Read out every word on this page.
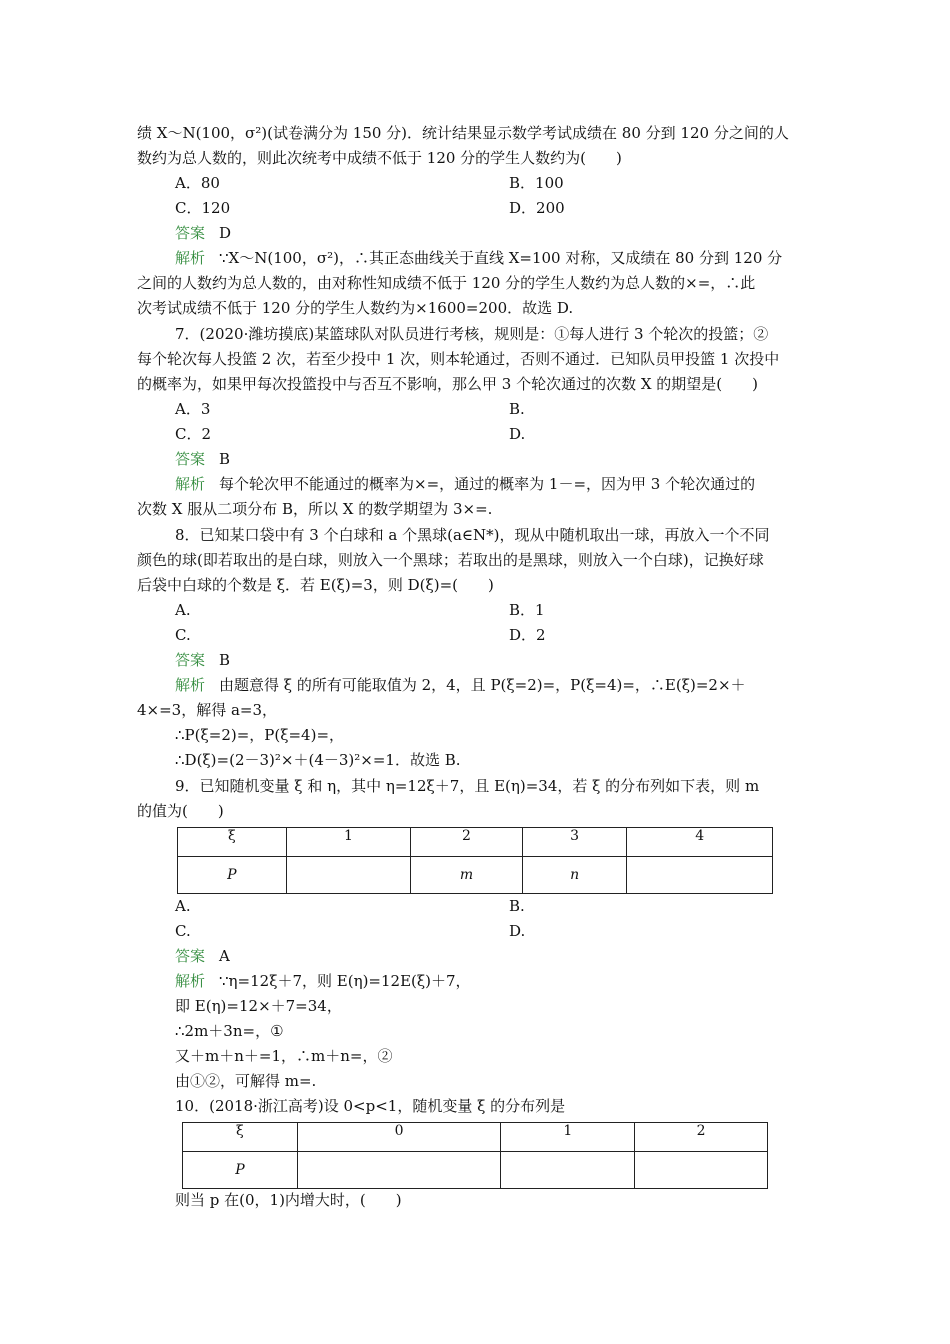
绩 X～N(100，σ²)(试卷满分为 150 分)．统计结果显示数学考试成绩在 80 分到 120 分之间的人
数约为总人数的，则此次统考中成绩不低于 120 分的学生人数约为(　　)
A．80	B．100
C．120	D．200
答案 D
解析 ∵X～N(100，σ²)，∴其正态曲线关于直线 X=100 对称，又成绩在 80 分到 120 分
之间的人数约为总人数的，由对称性知成绩不低于 120 分的学生人数约为总人数的×=，∴此
次考试成绩不低于 120 分的学生人数约为×1600=200．故选 D.
7．(2020·潍坊摸底)某篮球队对队员进行考核，规则是：①每人进行 3 个轮次的投篮；②
每个轮次每人投篮 2 次，若至少投中 1 次，则本轮通过，否则不通过．已知队员甲投篮 1 次投中
的概率为，如果甲每次投篮投中与否互不影响，那么甲 3 个轮次通过的次数 X 的期望是(　　)
A．3	B.
C．2	D.
答案 B
解析 每个轮次甲不能通过的概率为×=，通过的概率为 1－=，因为甲 3 个轮次通过的
次数 X 服从二项分布 B，所以 X 的数学期望为 3×=.
8．已知某口袋中有 3 个白球和 a 个黑球(a∈N*)，现从中随机取出一球，再放入一个不同
颜色的球(即若取出的是白球，则放入一个黑球；若取出的是黑球，则放入一个白球)，记换好球
后袋中白球的个数是 ξ．若 E(ξ)=3，则 D(ξ)=(　　)
A.	B．1
C.	D．2
答案 B
解析 由题意得 ξ 的所有可能取值为 2，4，且 P(ξ=2)=，P(ξ=4)=，∴E(ξ)=2×＋
4×=3，解得 a=3，
∴P(ξ=2)=，P(ξ=4)=，
∴D(ξ)=(2－3)²×＋(4－3)²×=1．故选 B.
9．已知随机变量 ξ 和 η，其中 η=12ξ＋7，且 E(η)=34，若 ξ 的分布列如下表，则 m
的值为(　　)
ξ	1	2	3	4
P		m	n	
A.	B.
C.	D.
答案 A
解析 ∵η=12ξ＋7，则 E(η)=12E(ξ)＋7，
即 E(η)=12×＋7=34，
∴2m＋3n=，①
又＋m＋n＋=1，∴m＋n=，②
由①②，可解得 m=.
10．(2018·浙江高考)设 0<p<1，随机变量 ξ 的分布列是
ξ	0	1	2
P			
则当 p 在(0，1)内增大时，(　　)
